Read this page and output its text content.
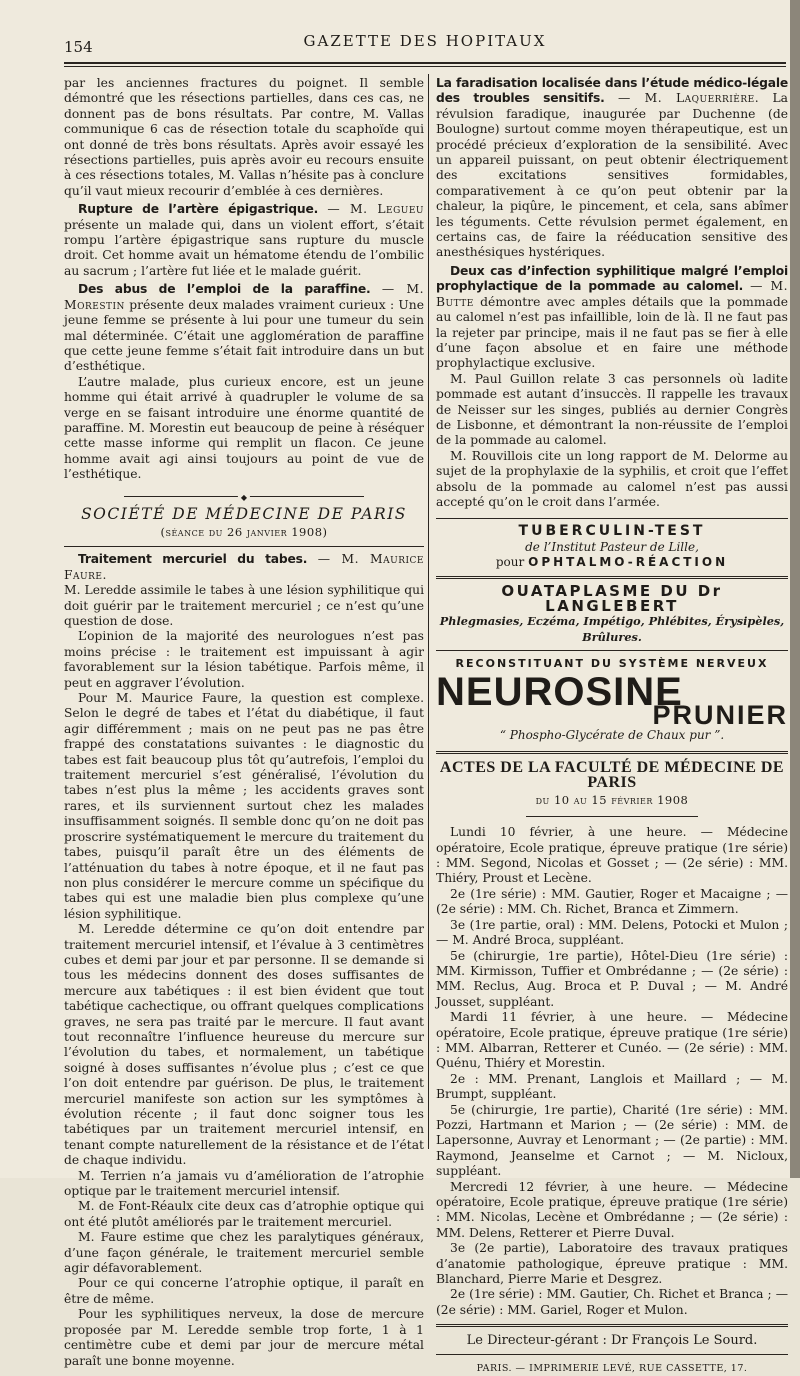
154	GAZETTE DES HOPITAUX

par les anciennes fractures du poignet. Il semble démontré que les résections partielles, dans ces cas, ne donnent pas de bons résultats. Par contre, M. Vallas communique 6 cas de résection totale du scaphoïde qui ont donné de très bons résultats. Après avoir essayé les résections partielles, puis après avoir eu recours ensuite à ces résections totales, M. Vallas n’hésite pas à conclure qu’il vaut mieux recourir d’emblée à ces dernières.

Rupture de l’artère épigastrique. — M. Legueu présente un malade qui, dans un violent effort, s’était rompu l’artère épigastrique sans rupture du muscle droit. Cet homme avait un hématome étendu de l’ombilic au sacrum ; l’artère fut liée et le malade guérit.

Des abus de l’emploi de la paraffine. — M. Morestin présente deux malades vraiment curieux : Une jeune femme se présente à lui pour une tumeur du sein mal déterminée. C’était une agglomération de paraffine que cette jeune femme s’était fait introduire dans un but d’esthétique.

L’autre malade, plus curieux encore, est un jeune homme qui était arrivé à quadrupler le volume de sa verge en se faisant introduire une énorme quantité de paraffine. M. Morestin eut beaucoup de peine à réséquer cette masse informe qui remplit un flacon. Ce jeune homme avait agi ainsi toujours au point de vue de l’esthétique.

◆
SOCIÉTÉ DE MÉDECINE DE PARIS
(séance du 26 janvier 1908)

Traitement mercuriel du tabes. — M. Maurice Faure.

M. Leredde assimile le tabes à une lésion syphilitique qui doit guérir par le traitement mercuriel ; ce n’est qu’une question de dose.

L’opinion de la majorité des neurologues n’est pas moins précise : le traitement est impuissant à agir favorablement sur la lésion tabétique. Parfois même, il peut en aggraver l’évolution.

Pour M. Maurice Faure, la question est complexe. Selon le degré de tabes et l’état du diabétique, il faut agir différemment ; mais on ne peut pas ne pas être frappé des constatations suivantes : le diagnostic du tabes est fait beaucoup plus tôt qu’autrefois, l’emploi du traitement mercuriel s’est généralisé, l’évolution du tabes n’est plus la même ; les accidents graves sont rares, et ils surviennent surtout chez les malades insuffisamment soignés. Il semble donc qu’on ne doit pas proscrire systématiquement le mercure du traitement du tabes, puisqu’il paraît être un des éléments de l’atténuation du tabes à notre époque, et il ne faut pas non plus considérer le mercure comme un spécifique du tabes qui est une maladie bien plus complexe qu’une lésion syphilitique.

M. Leredde détermine ce qu’on doit entendre par traitement mercuriel intensif, et l’évalue à 3 centimètres cubes et demi par jour et par personne. Il se demande si tous les médecins donnent des doses suffisantes de mercure aux tabétiques : il est bien évident que tout tabétique cachectique, ou offrant quelques complications graves, ne sera pas traité par le mercure. Il faut avant tout reconnaître l’influence heureuse du mercure sur l’évolution du tabes, et normalement, un tabétique soigné à doses suffisantes n’évolue plus ; c’est ce que l’on doit entendre par guérison. De plus, le traitement mercuriel manifeste son action sur les symptômes à évolution récente ; il faut donc soigner tous les tabétiques par un traitement mercuriel intensif, en tenant compte naturellement de la résistance et de l’état de chaque individu.

M. Terrien n’a jamais vu d’amélioration de l’atrophie optique par le traitement mercuriel intensif.

M. de Font-Réaulx cite deux cas d’atrophie optique qui ont été plutôt améliorés par le traitement mercuriel.

M. Faure estime que chez les paralytiques généraux, d’une façon générale, le traitement mercuriel semble agir défavorablement.

Pour ce qui concerne l’atrophie optique, il paraît en être de même.

Pour les syphilitiques nerveux, la dose de mercure proposée par M. Leredde semble trop forte, 1 à 1 centimètre cube et demi par jour de mercure métal paraît une bonne moyenne.

La faradisation localisée dans l’étude médico-légale des troubles sensitifs. — M. Laquerrière. La révulsion faradique, inaugurée par Duchenne (de Boulogne) surtout comme moyen thérapeutique, est un procédé précieux d’exploration de la sensibilité. Avec un appareil puissant, on peut obtenir électriquement des excitations sensitives formidables, comparativement à ce qu’on peut obtenir par la chaleur, la piqûre, le pincement, et cela, sans abîmer les téguments. Cette révulsion permet également, en certains cas, de faire la rééducation sensitive des anesthésiques hystériques.

Deux cas d’infection syphilitique malgré l’emploi prophylactique de la pommade au calomel. — M. Butte démontre avec amples détails que la pommade au calomel n’est pas infaillible, loin de là. Il ne faut pas la rejeter par principe, mais il ne faut pas se fier à elle d’une façon absolue et en faire une méthode prophylactique exclusive.

M. Paul Guillon relate 3 cas personnels où ladite pommade est autant d’insuccès. Il rappelle les travaux de Neisser sur les singes, publiés au dernier Congrès de Lisbonne, et démontrant la non-réussite de l’emploi de la pommade au calomel.

M. Rouvillois cite un long rapport de M. Delorme au sujet de la prophylaxie de la syphilis, et croit que l’effet absolu de la pommade au calomel n’est pas aussi accepté qu’on le croit dans l’armée.

TUBERCULIN-TEST
de l’Institut Pasteur de Lille,
pour OPHTALMO-RÉACTION
OUATAPLASME DU Dr LANGLEBERT
Phlegmasies, Eczéma, Impétigo, Phlébites, Érysipèles, Brûlures.
RECONSTITUANT DU SYSTÈME NERVEUX
NEUROSINE
PRUNIER
“ Phospho-Glycérate de Chaux pur ”.
ACTES DE LA FACULTÉ DE MÉDECINE DE PARIS
du 10 au 15 février 1908

Lundi 10 février, à une heure. — Médecine opératoire, Ecole pratique, épreuve pratique (1re série) : MM. Segond, Nicolas et Gosset ; — (2e série) : MM. Thiéry, Proust et Lecène.

2e (1re série) : MM. Gautier, Roger et Macaigne ; — (2e série) : MM. Ch. Richet, Branca et Zimmern.

3e (1re partie, oral) : MM. Delens, Potocki et Mulon ; — M. André Broca, suppléant.

5e (chirurgie, 1re partie), Hôtel-Dieu (1re série) : MM. Kirmisson, Tuffier et Ombrédanne ; — (2e série) : MM. Reclus, Aug. Broca et P. Duval ; — M. André Jousset, suppléant.

Mardi 11 février, à une heure. — Médecine opératoire, Ecole pratique, épreuve pratique (1re série) : MM. Albarran, Retterer et Cunéo. — (2e série) : MM. Quénu, Thiéry et Morestin.

2e : MM. Prenant, Langlois et Maillard ; — M. Brumpt, suppléant.

5e (chirurgie, 1re partie), Charité (1re série) : MM. Pozzi, Hartmann et Marion ; — (2e série) : MM. de Lapersonne, Auvray et Lenormant ; — (2e partie) : MM. Raymond, Jeanselme et Carnot ; — M. Nicloux, suppléant.

Mercredi 12 février, à une heure. — Médecine opératoire, Ecole pratique, épreuve pratique (1re série) : MM. Nicolas, Lecène et Ombrédanne ; — (2e série) : MM. Delens, Retterer et Pierre Duval.

3e (2e partie), Laboratoire des travaux pratiques d’anatomie pathologique, épreuve pratique : MM. Blanchard, Pierre Marie et Desgrez.

2e (1re série) : MM. Gautier, Ch. Richet et Branca ; — (2e série) : MM. Gariel, Roger et Mulon.

Le Directeur-gérant : Dr François Le Sourd.
PARIS. — IMPRIMERIE LEVÉ, RUE CASSETTE, 17.
